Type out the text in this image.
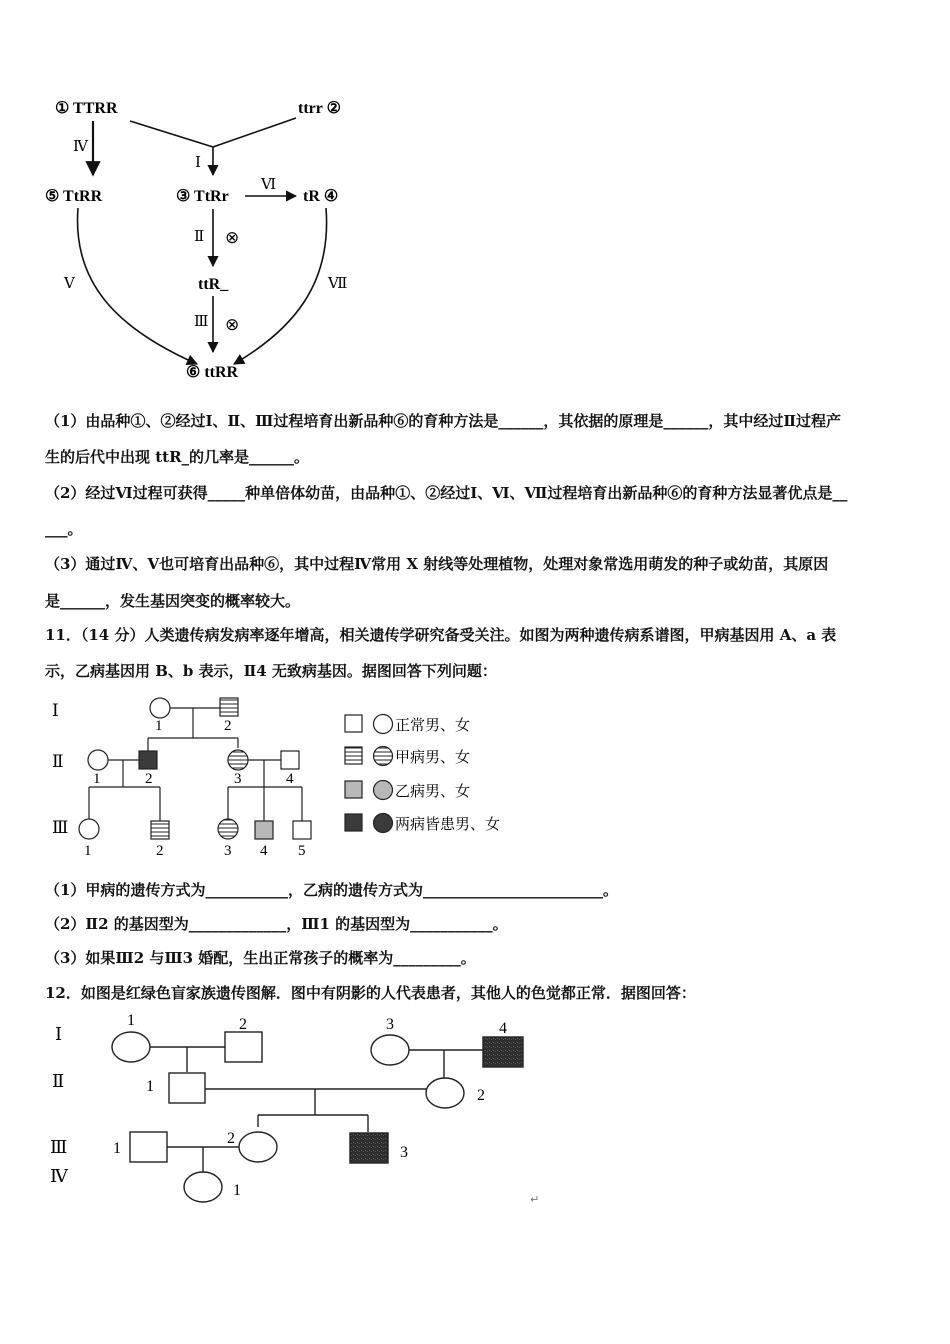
① TTRR	ttrr ②
⑤ TtRR	③ TtRr	tR ④
ttR_
⑥ ttRR
Ⅰ
Ⅳ
Ⅵ
Ⅱ ⊗
Ⅲ ⊗
Ⅴ	Ⅶ
（1）由品种①、②经过Ⅰ、Ⅱ、Ⅲ过程培育出新品种⑥的育种方法是______，其依据的原理是______，其中经过Ⅱ过程产
生的后代中出现 ttR_的几率是______。
（2）经过Ⅵ过程可获得_____种单倍体幼苗，由品种①、②经过Ⅰ、Ⅵ、Ⅶ过程培育出新品种⑥的育种方法显著优点是__
___。
（3）通过Ⅳ、Ⅴ也可培育出品种⑥，其中过程Ⅳ常用 X 射线等处理植物，处理对象常选用萌发的种子或幼苗，其原因
是______，发生基因突变的概率较大。
11．（14 分）人类遗传病发病率逐年增高，相关遗传学研究备受关注。如图为两种遗传病系谱图，甲病基因用 A、a 表
示，乙病基因用 B、b 表示，Ⅱ4 无致病基因。据图回答下列问题：
Ⅰ
Ⅱ
Ⅲ
1	2
1	2	3	4
1	2	3 4 5
正常男、女
甲病男、女
乙病男、女
两病皆患男、女
（1）甲病的遗传方式为___________，乙病的遗传方式为________________________。
（2）Ⅱ2 的基因型为_____________，Ⅲ1 的基因型为___________。
（3）如果Ⅲ2 与Ⅲ3 婚配，生出正常孩子的概率为_________。
12．如图是红绿色盲家族遗传图解．图中有阴影的人代表患者，其他人的色觉都正常．据图回答：
Ⅰ
Ⅱ
Ⅲ
Ⅳ
1	2	3	4
1
2
1
2
3
1
↵
